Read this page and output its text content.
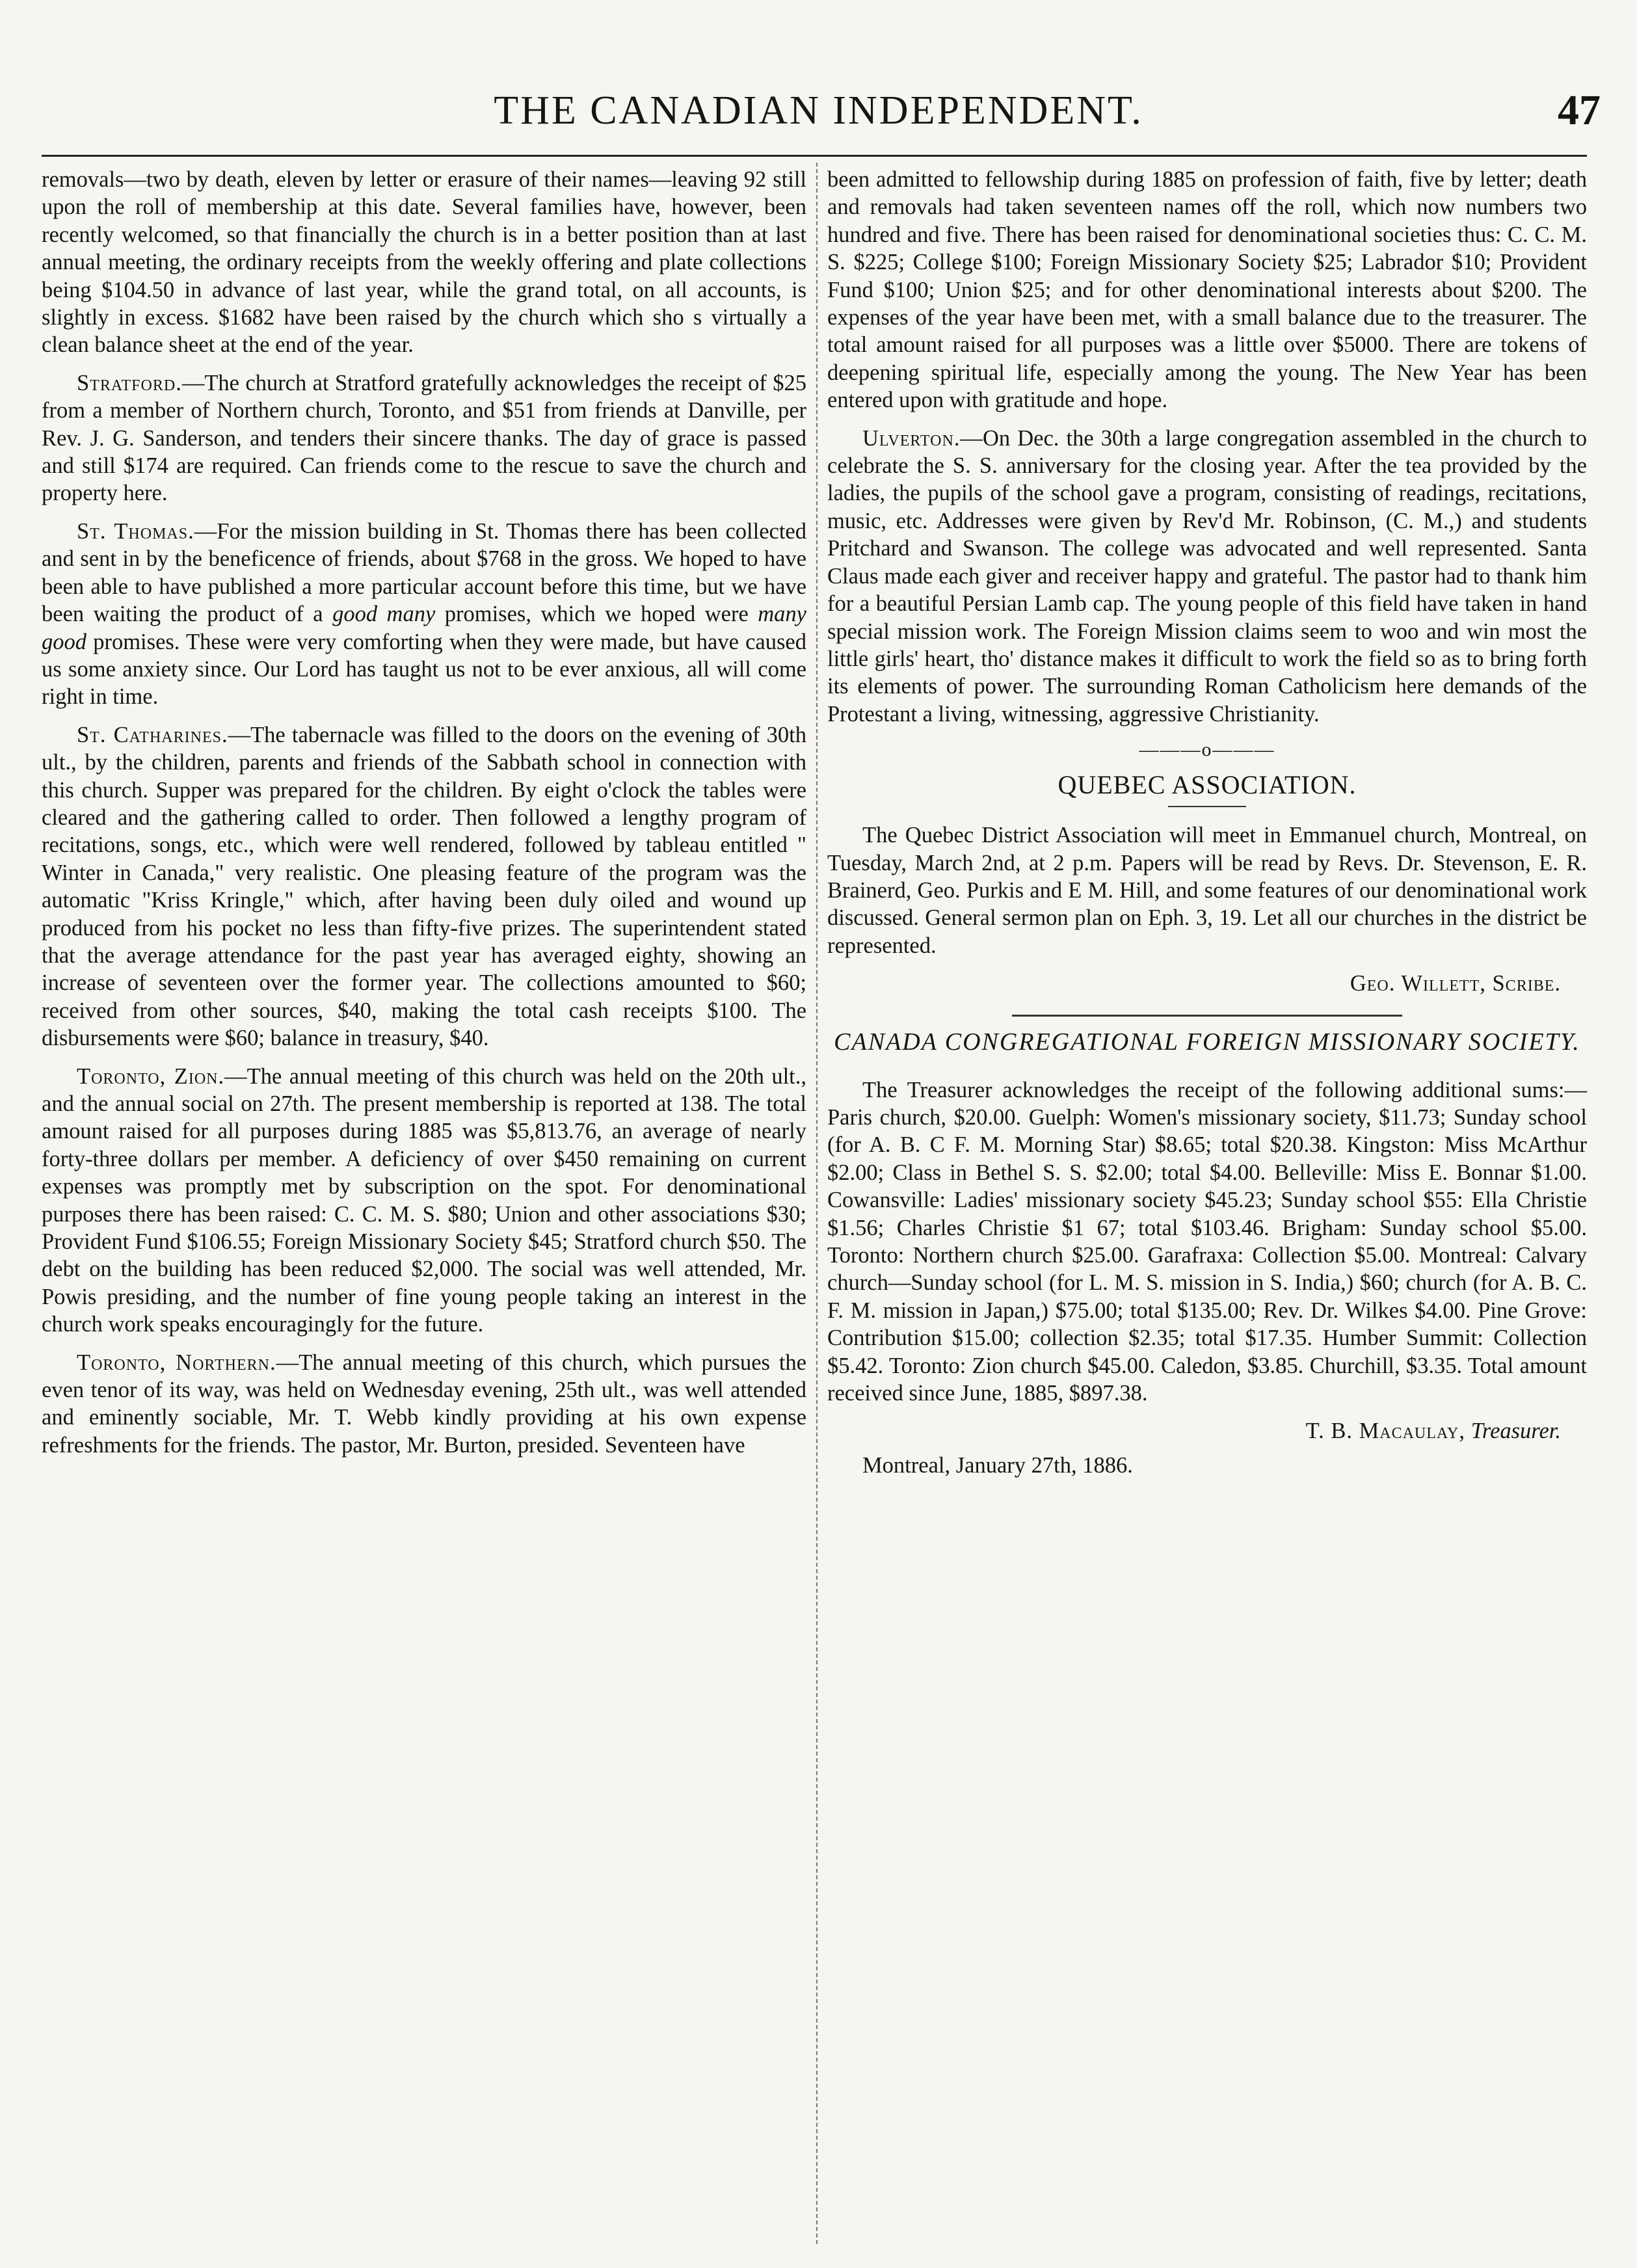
THE CANADIAN INDEPENDENT.	47

removals—two by death, eleven by letter or erasure of their names—leaving 92 still upon the roll of membership at this date. Several families have, however, been recently welcomed, so that financially the church is in a better position than at last annual meeting, the ordinary receipts from the weekly offering and plate collections being $104.50 in advance of last year, while the grand total, on all accounts, is slightly in excess. $1682 have been raised by the church which sho s virtually a clean balance sheet at the end of the year.

Stratford.—The church at Stratford gratefully acknowledges the receipt of $25 from a member of Northern church, Toronto, and $51 from friends at Danville, per Rev. J. G. Sanderson, and tenders their sincere thanks. The day of grace is passed and still $174 are required. Can friends come to the rescue to save the church and property here.

St. Thomas.—For the mission building in St. Thomas there has been collected and sent in by the beneficence of friends, about $768 in the gross. We hoped to have been able to have published a more particular account before this time, but we have been waiting the product of a good many promises, which we hoped were many good promises. These were very comforting when they were made, but have caused us some anxiety since. Our Lord has taught us not to be ever anxious, all will come right in time.

St. Catharines.—The tabernacle was filled to the doors on the evening of 30th ult., by the children, parents and friends of the Sabbath school in connection with this church. Supper was prepared for the children. By eight o'clock the tables were cleared and the gathering called to order. Then followed a lengthy program of recitations, songs, etc., which were well rendered, followed by tableau entitled " Winter in Canada," very realistic. One pleasing feature of the program was the automatic "Kriss Kringle," which, after having been duly oiled and wound up produced from his pocket no less than fifty-five prizes. The superintendent stated that the average attendance for the past year has averaged eighty, showing an increase of seventeen over the former year. The collections amounted to $60; received from other sources, $40, making the total cash receipts $100. The disbursements were $60; balance in treasury, $40.

Toronto, Zion.—The annual meeting of this church was held on the 20th ult., and the annual social on 27th. The present membership is reported at 138. The total amount raised for all purposes during 1885 was $5,813.76, an average of nearly forty-three dollars per member. A deficiency of over $450 remaining on current expenses was promptly met by subscription on the spot. For denominational purposes there has been raised: C. C. M. S. $80; Union and other associations $30; Provident Fund $106.55; Foreign Missionary Society $45; Stratford church $50. The debt on the building has been reduced $2,000. The social was well attended, Mr. Powis presiding, and the number of fine young people taking an interest in the church work speaks encouragingly for the future.

Toronto, Northern.—The annual meeting of this church, which pursues the even tenor of its way, was held on Wednesday evening, 25th ult., was well attended and eminently sociable, Mr. T. Webb kindly providing at his own expense refreshments for the friends. The pastor, Mr. Burton, presided. Seventeen have

been admitted to fellowship during 1885 on profession of faith, five by letter; death and removals had taken seventeen names off the roll, which now numbers two hundred and five. There has been raised for denominational societies thus: C. C. M. S. $225; College $100; Foreign Missionary Society $25; Labrador $10; Provident Fund $100; Union $25; and for other denominational interests about $200. The expenses of the year have been met, with a small balance due to the treasurer. The total amount raised for all purposes was a little over $5000. There are tokens of deepening spiritual life, especially among the young. The New Year has been entered upon with gratitude and hope.

Ulverton.—On Dec. the 30th a large congregation assembled in the church to celebrate the S. S. anniversary for the closing year. After the tea provided by the ladies, the pupils of the school gave a program, consisting of readings, recitations, music, etc. Addresses were given by Rev'd Mr. Robinson, (C. M.,) and students Pritchard and Swanson. The college was advocated and well represented. Santa Claus made each giver and receiver happy and grateful. The pastor had to thank him for a beautiful Persian Lamb cap. The young people of this field have taken in hand special mission work. The Foreign Mission claims seem to woo and win most the little girls' heart, tho' distance makes it difficult to work the field so as to bring forth its elements of power. The surrounding Roman Catholicism here demands of the Protestant a living, witnessing, aggressive Christianity.

———o———
QUEBEC ASSOCIATION.

The Quebec District Association will meet in Emmanuel church, Montreal, on Tuesday, March 2nd, at 2 p.m. Papers will be read by Revs. Dr. Stevenson, E. R. Brainerd, Geo. Purkis and E M. Hill, and some features of our denominational work discussed. General sermon plan on Eph. 3, 19. Let all our churches in the district be represented.

Geo. Willett, Scribe.
CANADA CONGREGATIONAL FOREIGN MISSIONARY SOCIETY.

The Treasurer acknowledges the receipt of the following additional sums:—Paris church, $20.00. Guelph: Women's missionary society, $11.73; Sunday school (for A. B. C F. M. Morning Star) $8.65; total $20.38. Kingston: Miss McArthur $2.00; Class in Bethel S. S. $2.00; total $4.00. Belleville: Miss E. Bonnar $1.00. Cowansville: Ladies' missionary society $45.23; Sunday school $55: Ella Christie $1.56; Charles Christie $1 67; total $103.46. Brigham: Sunday school $5.00. Toronto: Northern church $25.00. Garafraxa: Collection $5.00. Montreal: Calvary church—Sunday school (for L. M. S. mission in S. India,) $60; church (for A. B. C. F. M. mission in Japan,) $75.00; total $135.00; Rev. Dr. Wilkes $4.00. Pine Grove: Contribution $15.00; collection $2.35; total $17.35. Humber Summit: Collection $5.42. Toronto: Zion church $45.00. Caledon, $3.85. Churchill, $3.35. Total amount received since June, 1885, $897.38.

T. B. Macaulay, Treasurer.

Montreal, January 27th, 1886.
